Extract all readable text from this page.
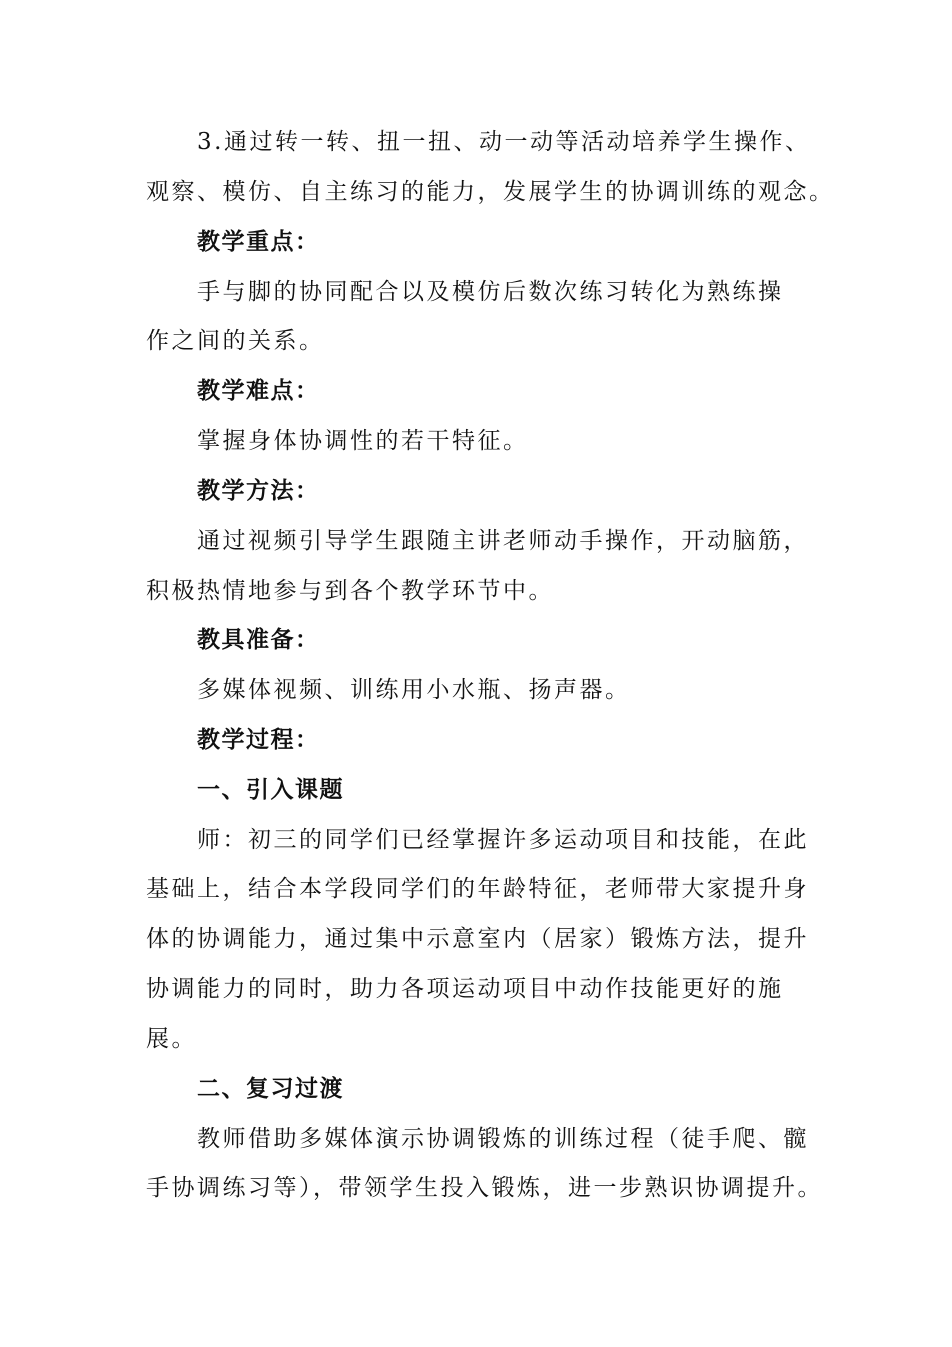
3.通过转一转、扭一扭、动一动等活动培养学生操作、
观察、模仿、自主练习的能力，发展学生的协调训练的观念。
教学重点：
手与脚的协同配合以及模仿后数次练习转化为熟练操
作之间的关系。
教学难点：
掌握身体协调性的若干特征。
教学方法：
通过视频引导学生跟随主讲老师动手操作，开动脑筋，
积极热情地参与到各个教学环节中。
教具准备：
多媒体视频、训练用小水瓶、扬声器。
教学过程：
一、引入课题
师：初三的同学们已经掌握许多运动项目和技能，在此
基础上，结合本学段同学们的年龄特征，老师带大家提升身
体的协调能力，通过集中示意室内（居家）锻炼方法，提升
协调能力的同时，助力各项运动项目中动作技能更好的施
展。
二、复习过渡
教师借助多媒体演示协调锻炼的训练过程（徒手爬、髋
手协调练习等），带领学生投入锻炼，进一步熟识协调提升。
